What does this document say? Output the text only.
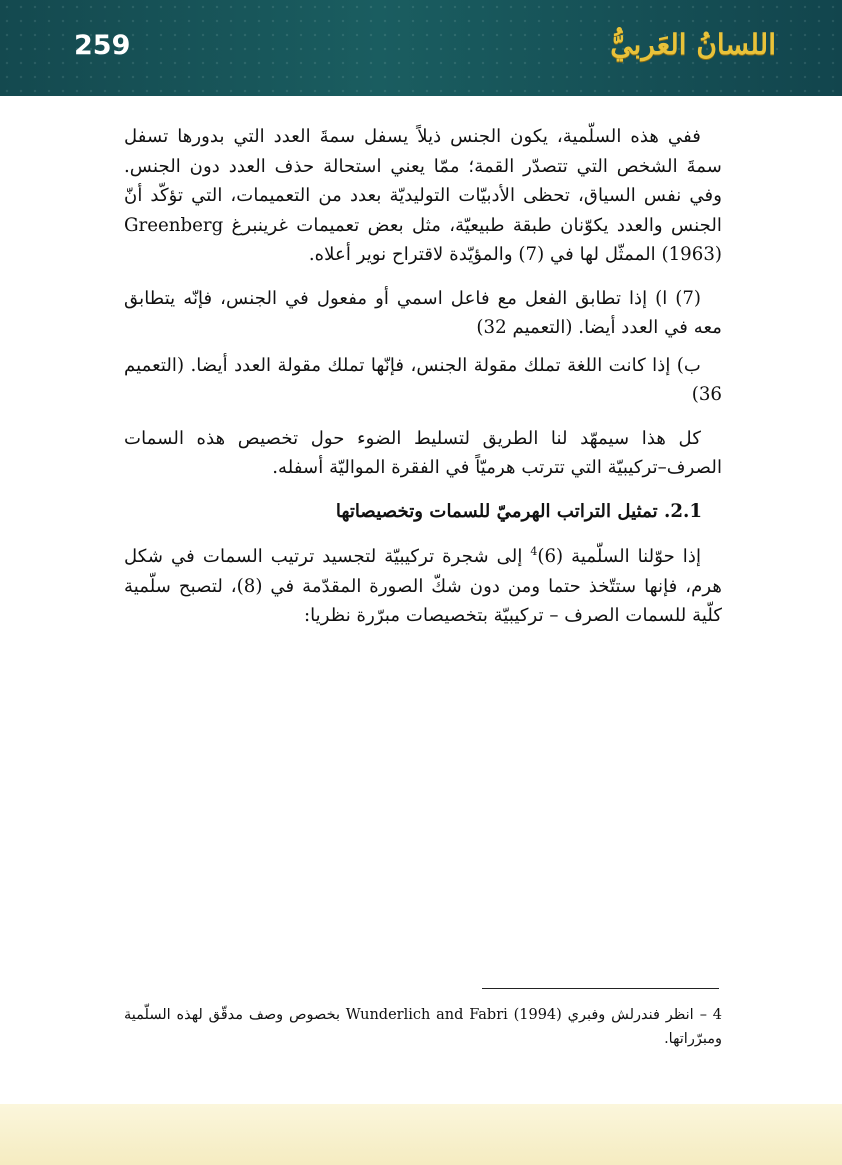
259	اللسانُ العَربيُّ

ففي هذه السلّمية، يكون الجنس ذيلاً يسفل سمةَ العدد التي بدورها تسفل سمةَ الشخص التي تتصدّر القمة؛ ممّا يعني استحالة حذف العدد دون الجنس. وفي نفس السياق، تحظى الأدبيّات التوليديّة بعدد من التعميمات، التي تؤكّد أنّ الجنس والعدد يكوّنان طبقة طبيعيّة، مثل بعض تعميمات غرينبرغ Greenberg (1963) الممثّل لها في (7) والمؤيّدة لاقتراح نوير أعلاه.

(7) ا) إذا تطابق الفعل مع فاعل اسمي أو مفعول في الجنس، فإنّه يتطابق معه في العدد أيضا. (التعميم 32)

ب) إذا كانت اللغة تملك مقولة الجنس، فإنّها تملك مقولة العدد أيضا. (التعميم 36)

كل هذا سيمهّد لنا الطريق لتسليط الضوء حول تخصيص هذه السمات الصرف–تركيبيّة التي تترتب هرميّاً في الفقرة المواليّة أسفله.

2.1. تمثيل التراتب الهرميّ للسمات وتخصيصاتها

إذا حوّلنا السلّمية $(6)^4$ إلى شجرة تركيبيّة لتجسيد ترتيب السمات في شكل هرم، فإنها ستتّخذ حتما ومن دون شكّ الصورة المقدّمة في (8)، لتصبح سلّمية كلّية للسمات الصرف – تركيبيّة بتخصيصات مبرّرة نظريا:

4 –انظر فندرلش وفبري Wunderlich and Fabri (1994) بخصوص وصف مدقّق لهذه السلّمية ومبرّراتها.
